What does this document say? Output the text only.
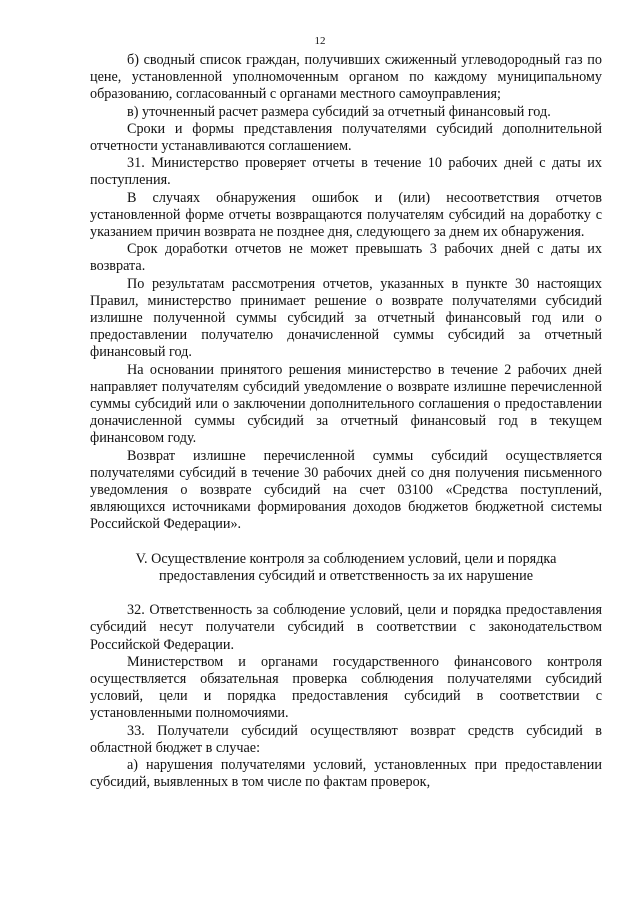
12

б) сводный список граждан, получивших сжиженный углеводородный газ по цене, установленной уполномоченным органом по каждому муниципальному образованию, согласованный с органами местного самоуправления;

в) уточненный расчет размера субсидий за отчетный финансовый год.

Сроки и формы представления получателями субсидий дополнительной отчетности устанавливаются соглашением.

31. Министерство проверяет отчеты в течение 10 рабочих дней с даты их поступления.

В случаях обнаружения ошибок и (или) несоответствия отчетов установленной форме отчеты возвращаются получателям субсидий на доработку с указанием причин возврата не позднее дня, следующего за днем их обнаружения.

Срок доработки отчетов не может превышать 3 рабочих дней с даты их возврата.

По результатам рассмотрения отчетов, указанных в пункте 30 настоящих Правил, министерство принимает решение о возврате получателями субсидий излишне полученной суммы субсидий за отчетный финансовый год или о предоставлении получателю доначисленной суммы субсидий за отчетный финансовый год.

На основании принятого решения министерство в течение 2 рабочих дней направляет получателям субсидий уведомление о возврате излишне перечисленной суммы субсидий или о заключении дополнительного соглашения о предоставлении доначисленной суммы субсидий за отчетный финансовый год в текущем финансовом году.

Возврат излишне перечисленной суммы субсидий осуществляется получателями субсидий в течение 30 рабочих дней со дня получения письменного уведомления о возврате субсидий на счет 03100 «Средства поступлений, являющихся источниками формирования доходов бюджетов бюджетной системы Российской Федерации».

V. Осуществление контроля за соблюдением условий, цели и порядка
предоставления субсидий и ответственность за их нарушение

32. Ответственность за соблюдение условий, цели и порядка предоставления субсидий несут получатели субсидий в соответствии с законодательством Российской Федерации.

Министерством и органами государственного финансового контроля осуществляется обязательная проверка соблюдения получателями субсидий условий, цели и порядка предоставления субсидий в соответствии с установленными полномочиями.

33. Получатели субсидий осуществляют возврат средств субсидий в областной бюджет в случае:

а) нарушения получателями условий, установленных при предоставлении субсидий, выявленных в том числе по фактам проверок,
